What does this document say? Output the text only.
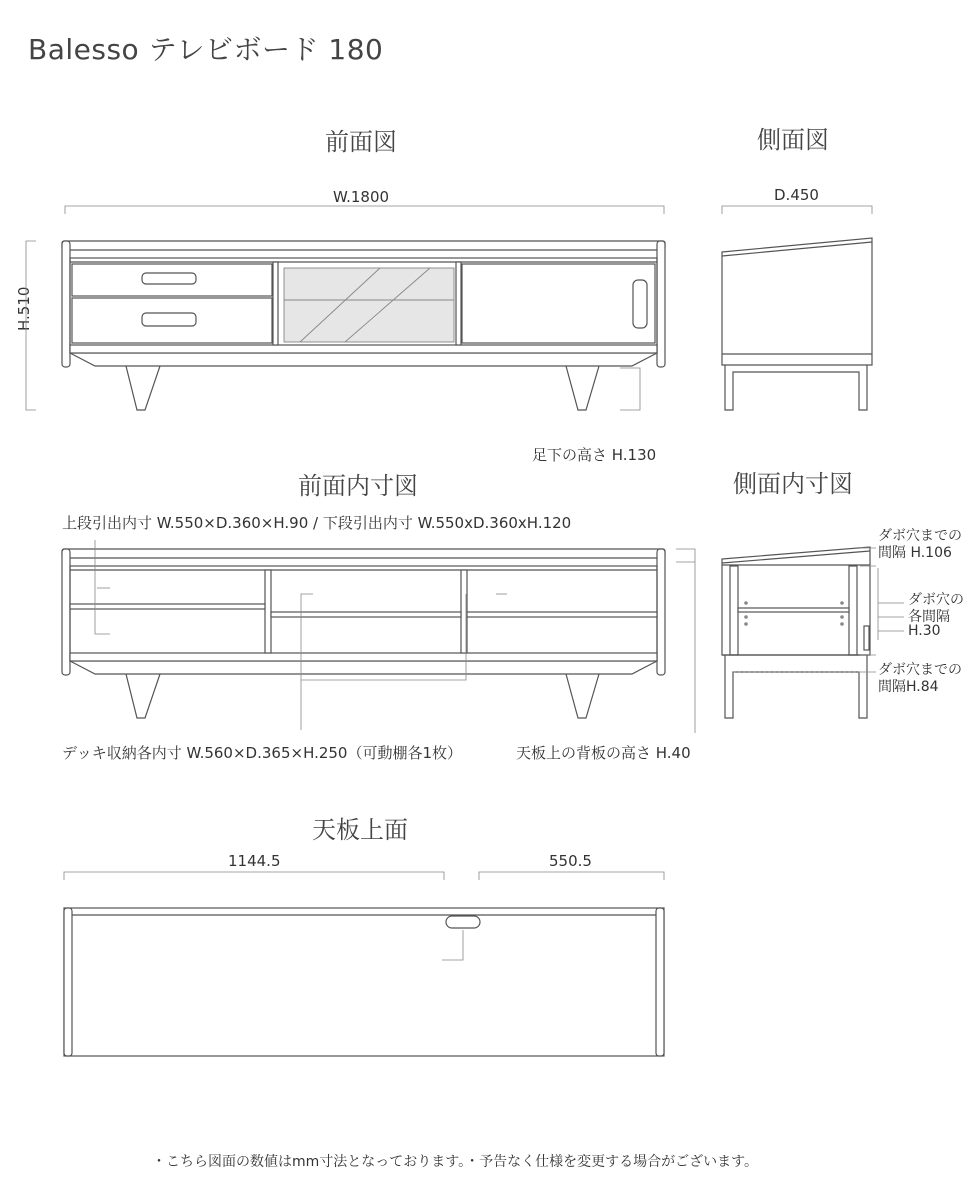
Balesso テレビボード 180
前面図	側面図
前面内寸図	側面内寸図
天板上面
W.1800
H.510
足下の高さ H.130
D.450
上段引出内寸 W.550×D.360×H.90 / 下段引出内寸 W.550xD.360xH.120
デッキ収納各内寸 W.560×D.365×H.250（可動棚各1枚）	天板上の背板の高さ H.40
ダボ穴までの
間隔 H.106
ダボ穴の
各間隔
H.30
ダボ穴までの
間隔H.84
1144.5	550.5
・こちら図面の数値はmm寸法となっております。・予告なく仕様を変更する場合がございます。
